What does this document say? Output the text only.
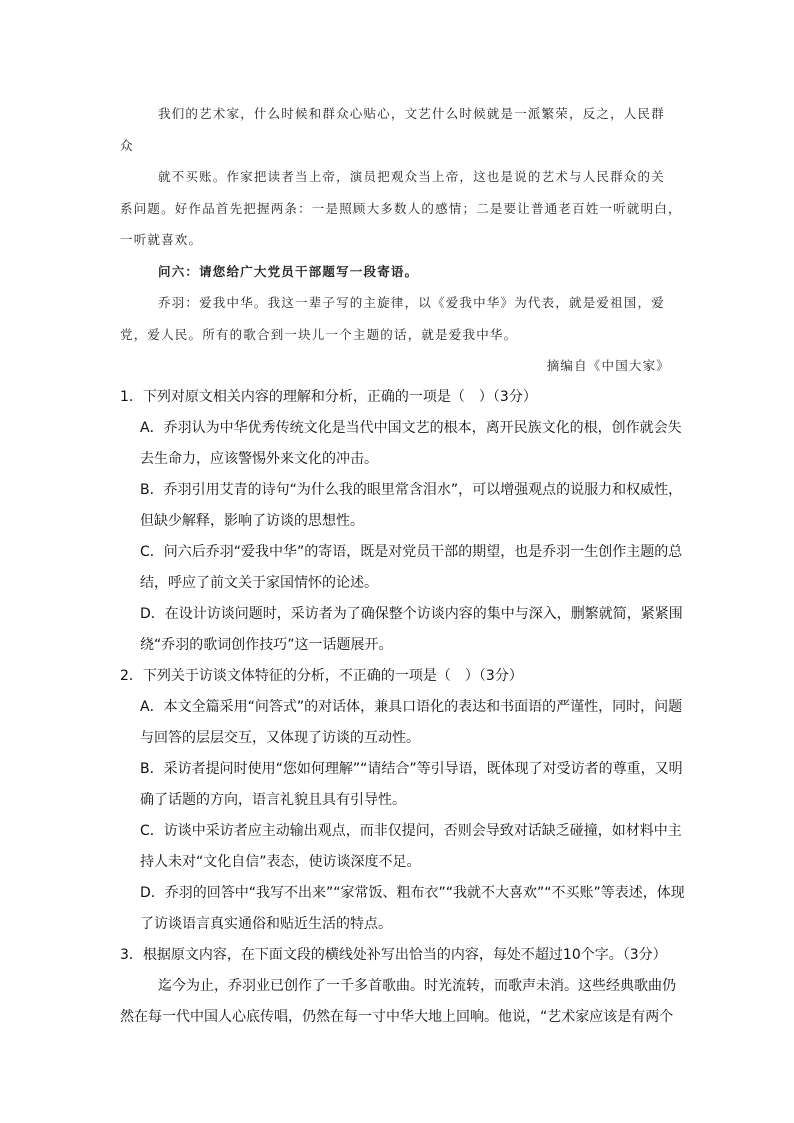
我们的艺术家，什么时候和群众心贴心，文艺什么时候就是一派繁荣，反之，人民群

众

就不买账。作家把读者当上帝，演员把观众当上帝，这也是说的艺术与人民群众的关

系问题。好作品首先把握两条：一是照顾大多数人的感情；二是要让普通老百姓一听就明白，

一听就喜欢。

问六：请您给广大党员干部题写一段寄语。

乔羽：爱我中华。我这一辈子写的主旋律，以《爱我中华》为代表，就是爱祖国，爱

党，爱人民。所有的歌合到一块儿一个主题的话，就是爱我中华。

摘编自《中国大家》

1．下列对原文相关内容的理解和分析，正确的一项是（　）（3分）

A．乔羽认为中华优秀传统文化是当代中国文艺的根本，离开民族文化的根，创作就会失

去生命力，应该警惕外来文化的冲击。

B．乔羽引用艾青的诗句“为什么我的眼里常含泪水”，可以增强观点的说服力和权威性，

但缺少解释，影响了访谈的思想性。

C．问六后乔羽“爱我中华”的寄语，既是对党员干部的期望，也是乔羽一生创作主题的总

结，呼应了前文关于家国情怀的论述。

D．在设计访谈问题时，采访者为了确保整个访谈内容的集中与深入，删繁就简，紧紧围

绕“乔羽的歌词创作技巧”这一话题展开。

2．下列关于访谈文体特征的分析，不正确的一项是（　）（3分）

A．本文全篇采用“问答式”的对话体，兼具口语化的表达和书面语的严谨性，同时，问题

与回答的层层交互，又体现了访谈的互动性。

B．采访者提问时使用“您如何理解”“请结合”等引导语，既体现了对受访者的尊重，又明

确了话题的方向，语言礼貌且具有引导性。

C．访谈中采访者应主动输出观点，而非仅提问，否则会导致对话缺乏碰撞，如材料中主

持人未对“文化自信”表态，使访谈深度不足。

D．乔羽的回答中“我写不出来”“家常饭、粗布衣”“我就不大喜欢”“不买账”等表述，体现

了访谈语言真实通俗和贴近生活的特点。

3．根据原文内容，在下面文段的横线处补写出恰当的内容，每处不超过10个字。（3分）

迄今为止，乔羽业已创作了一千多首歌曲。时光流转，而歌声未消。这些经典歌曲仍

然在每一代中国人心底传唱，仍然在每一寸中华大地上回响。他说，“艺术家应该是有两个
